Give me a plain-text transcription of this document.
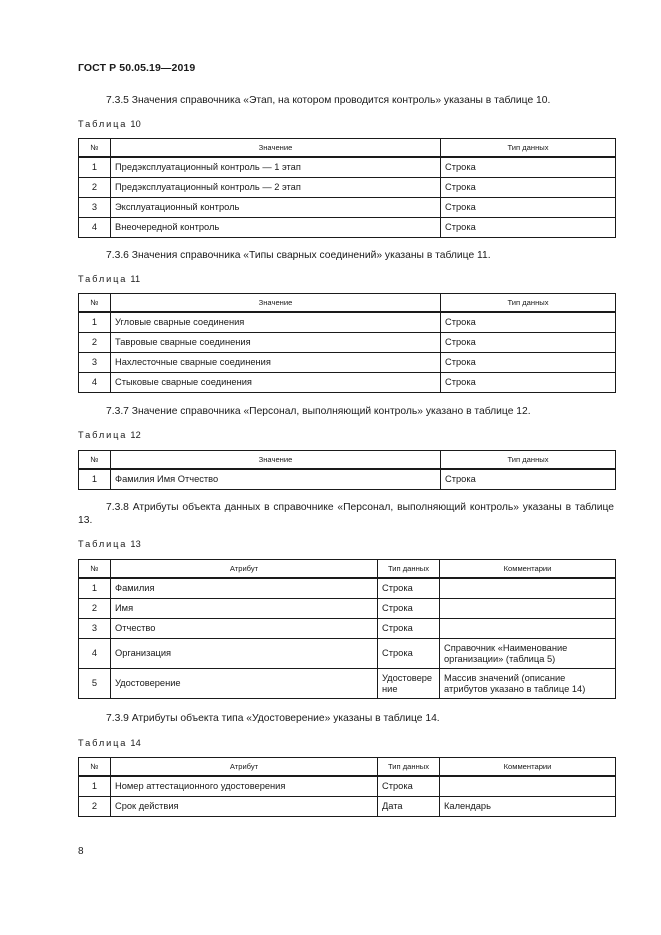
ГОСТ Р 50.05.19—2019

7.3.5 Значения справочника «Этап, на котором проводится контроль» указаны в таблице 10.

Таблица 10
№	Значение	Тип данных
1	Предэксплуатационный контроль — 1 этап	Строка
2	Предэксплуатационный контроль — 2 этап	Строка
3	Эксплуатационный контроль	Строка
4	Внеочередной контроль	Строка

7.3.6 Значения справочника «Типы сварных соединений» указаны в таблице 11.

Таблица 11
№	Значение	Тип данных
1	Угловые сварные соединения	Строка
2	Тавровые сварные соединения	Строка
3	Нахлесточные сварные соединения	Строка
4	Стыковые сварные соединения	Строка

7.3.7 Значение справочника «Персонал, выполняющий контроль» указано в таблице 12.

Таблица 12
№	Значение	Тип данных
1	Фамилия Имя Отчество	Строка

7.3.8 Атрибуты объекта данных в справочнике «Персонал, выполняющий контроль» указаны в таблице 13.

Таблица 13
№	Атрибут	Тип данных	Комментарии
1	Фамилия	Строка	
2	Имя	Строка	
3	Отчество	Строка	
4	Организация	Строка	Справочник «Наименование организации» (таблица 5)
5	Удостоверение	Удостоверение	Массив значений (описание атрибутов указано в таблице 14)

7.3.9 Атрибуты объекта типа «Удостоверение» указаны в таблице 14.

Таблица 14
№	Атрибут	Тип данных	Комментарии
1	Номер аттестационного удостоверения	Строка	
2	Срок действия	Дата	Календарь
8
